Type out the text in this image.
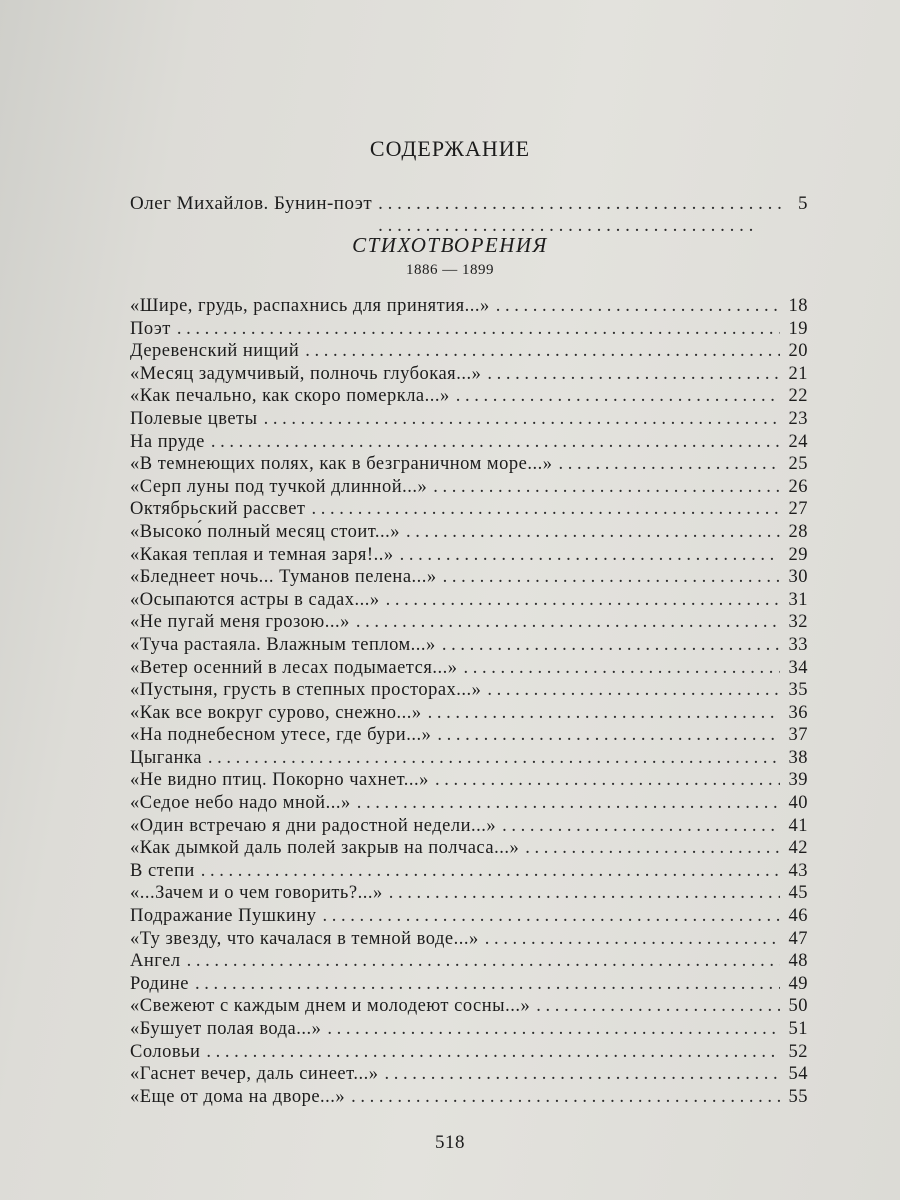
СОДЕРЖАНИЕ
Олег Михайлов. Бунин-поэт . . .	5
СТИХОТВОРЕНИЯ
1886 — 1899
«Шире, грудь, распахнись для принятия...» . . .	18
Поэт . . .	19
Деревенский нищий . . .	20
«Месяц задумчивый, полночь глубокая...» . . .	21
«Как печально, как скоро померкла...» . . .	22
Полевые цветы . . .	23
На пруде . . .	24
«В темнеющих полях, как в безграничном море...» . . .	25
«Серп луны под тучкой длинной...» . . .	26
Октябрьский рассвет . . .	27
«Высоко́ полный месяц стоит...» . . .	28
«Какая теплая и темная заря!..» . . .	29
«Бледнеет ночь... Туманов пелена...» . . .	30
«Осыпаются астры в садах...» . . .	31
«Не пугай меня грозою...» . . .	32
«Туча растаяла. Влажным теплом...» . . .	33
«Ветер осенний в лесах подымается...» . . .	34
«Пустыня, грусть в степных просторах...» . . .	35
«Как все вокруг сурово, снежно...» . . .	36
«На поднебесном утесе, где бури...» . . .	37
Цыганка . . .	38
«Не видно птиц. Покорно чахнет...» . . .	39
«Седое небо надо мной...» . . .	40
«Один встречаю я дни радостной недели...» . . .	41
«Как дымкой даль полей закрыв на полчаса...» . . .	42
В степи . . .	43
«...Зачем и о чем говорить?...» . . .	45
Подражание Пушкину . . .	46
«Ту звезду, что качалася в темной воде...» . . .	47
Ангел . . .	48
Родине . . .	49
«Свежеют с каждым днем и молодеют сосны...» . . .	50
«Бушует полая вода...» . . .	51
Соловьи . . .	52
«Гаснет вечер, даль синеет...» . . .	54
«Еще от дома на дворе...» . . .	55
518
